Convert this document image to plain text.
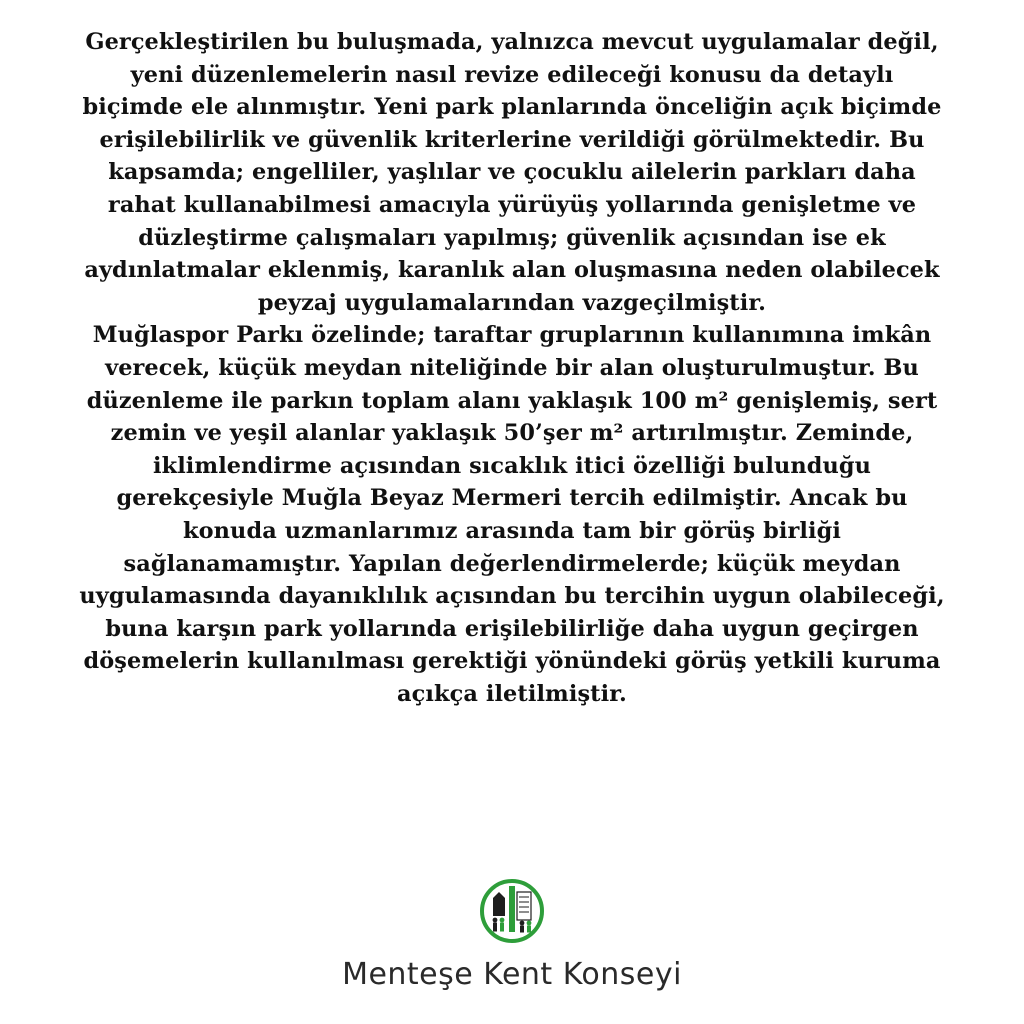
Gerçekleştirilen bu buluşmada, yalnızca mevcut uygulamalar değil,

yeni düzenlemelerin nasıl revize edileceği konusu da detaylı

biçimde ele alınmıştır. Yeni park planlarında önceliğin açık biçimde

erişilebilirlik ve güvenlik kriterlerine verildiği görülmektedir. Bu

kapsamda; engelliler, yaşlılar ve çocuklu ailelerin parkları daha

rahat kullanabilmesi amacıyla yürüyüş yollarında genişletme ve

düzleştirme çalışmaları yapılmış; güvenlik açısından ise ek

aydınlatmalar eklenmiş, karanlık alan oluşmasına neden olabilecek

peyzaj uygulamalarından vazgeçilmiştir.

Muğlaspor Parkı özelinde; taraftar gruplarının kullanımına imkân

verecek, küçük meydan niteliğinde bir alan oluşturulmuştur. Bu

düzenleme ile parkın toplam alanı yaklaşık 100 m² genişlemiş, sert

zemin ve yeşil alanlar yaklaşık 50’şer m² artırılmıştır. Zeminde,

iklimlendirme açısından sıcaklık itici özelliği bulunduğu

gerekçesiyle Muğla Beyaz Mermeri tercih edilmiştir. Ancak bu

konuda uzmanlarımız arasında tam bir görüş birliği

sağlanamamıştır. Yapılan değerlendirmelerde; küçük meydan

uygulamasında dayanıklılık açısından bu tercihin uygun olabileceği,

buna karşın park yollarında erişilebilirliğe daha uygun geçirgen

döşemelerin kullanılması gerektiği yönündeki görüş yetkili kuruma

açıkça iletilmiştir.

Menteşe Kent Konseyi
